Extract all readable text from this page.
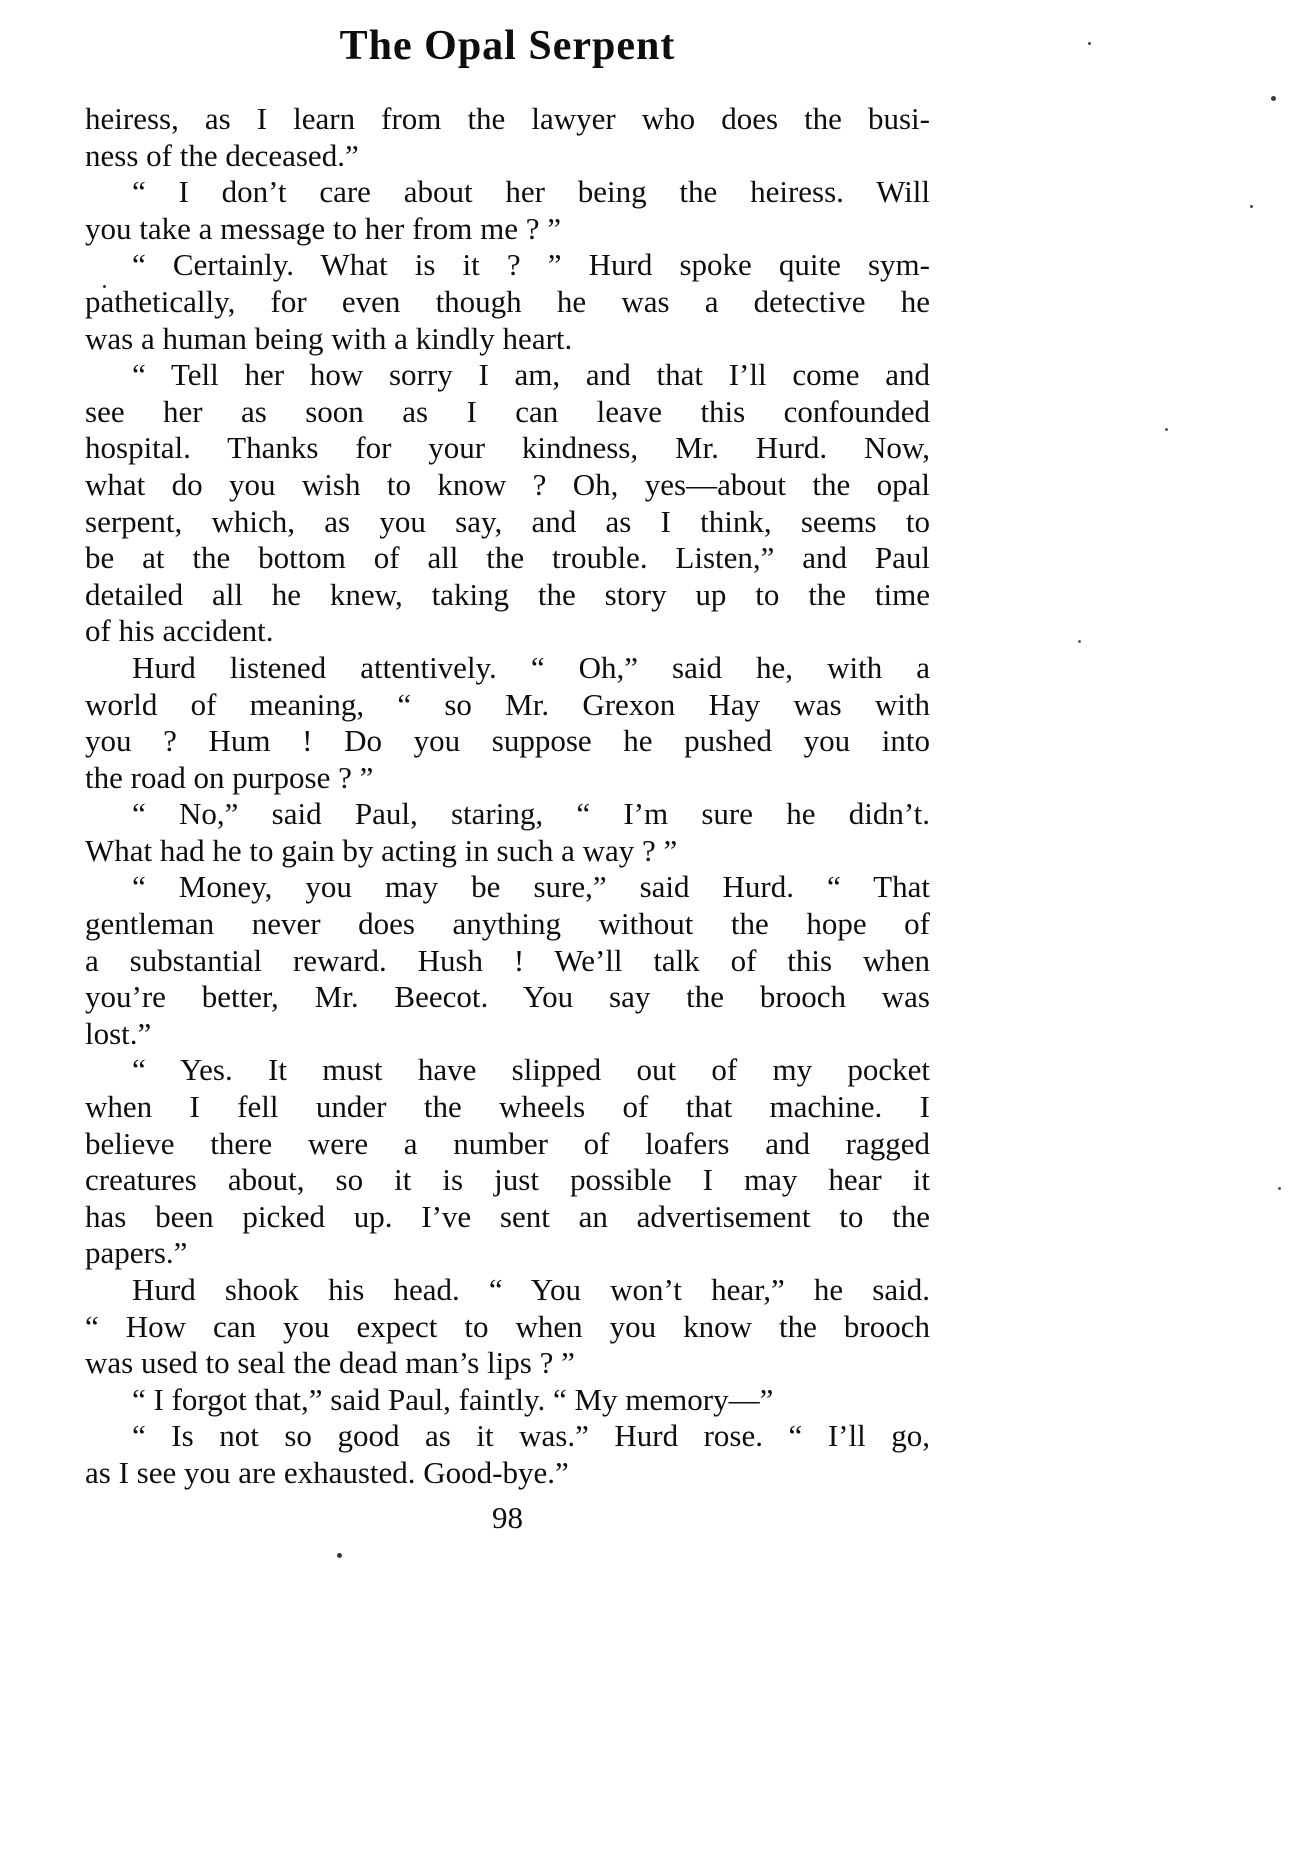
The Opal Serpent

heiress, as I learn from the lawyer who does the busi-
ness of the deceased.”

“ I don’t care about her being the heiress. Will
you take a message to her from me ? ”

“ Certainly. What is it ? ” Hurd spoke quite sym-
pathetically, for even though he was a detective he
was a human being with a kindly heart.

“ Tell her how sorry I am, and that I’ll come and
see her as soon as I can leave this confounded
hospital. Thanks for your kindness, Mr. Hurd. Now,
what do you wish to know ? Oh, yes—about the opal
serpent, which, as you say, and as I think, seems to
be at the bottom of all the trouble. Listen,” and Paul
detailed all he knew, taking the story up to the time
of his accident.

Hurd listened attentively. “ Oh,” said he, with a
world of meaning, “ so Mr. Grexon Hay was with
you ? Hum ! Do you suppose he pushed you into
the road on purpose ? ”

“ No,” said Paul, staring, “ I’m sure he didn’t.
What had he to gain by acting in such a way ? ”

“ Money, you may be sure,” said Hurd. “ That
gentleman never does anything without the hope of
a substantial reward. Hush ! We’ll talk of this when
you’re better, Mr. Beecot. You say the brooch was
lost.”

“ Yes. It must have slipped out of my pocket
when I fell under the wheels of that machine. I
believe there were a number of loafers and ragged
creatures about, so it is just possible I may hear it
has been picked up. I’ve sent an advertisement to the
papers.”

Hurd shook his head. “ You won’t hear,” he said.
“ How can you expect to when you know the brooch
was used to seal the dead man’s lips ? ”

“ I forgot that,” said Paul, faintly. “ My memory—”

“ Is not so good as it was.” Hurd rose. “ I’ll go,
as I see you are exhausted. Good-bye.”

98
